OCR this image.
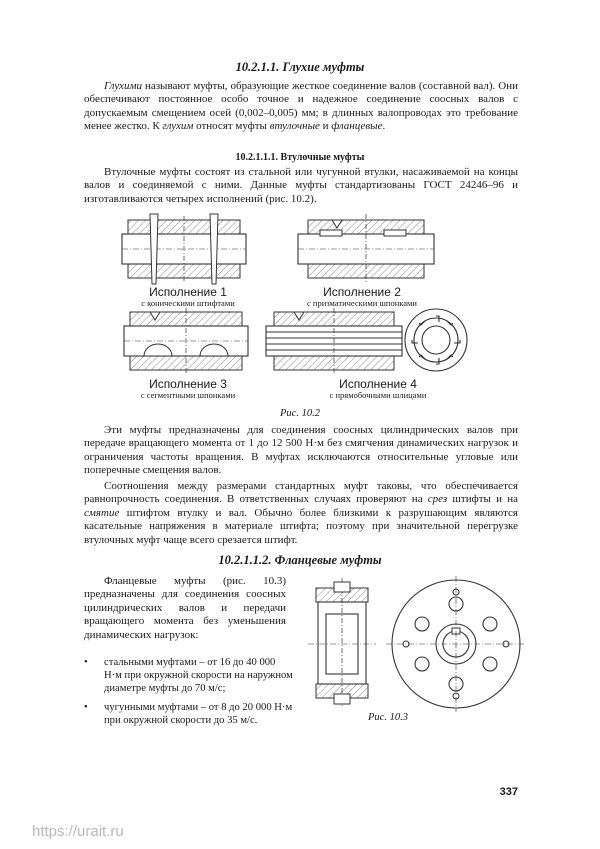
10.2.1.1. Глухие муфты

Глухими называют муфты, образующие жесткое соединение валов (составной вал). Они обеспечивают постоянное особо точное и надежное соединение соосных валов с допускаемым смещением осей (0,002–0,005) мм; в длинных валопроводах это требование менее жестко. К глухим относят муфты втулочные и фланцевые.

10.2.1.1.1. Втулочные муфты

Втулочные муфты состоят из стальной или чугунной втулки, насаживаемой на концы валов и соединяемой с ними. Данные муфты стандартизованы ГОСТ 24246–96 и изготавливаются четырех исполнений (рис. 10.2).

Исполнение 1
с коническими штифтами
Исполнение 2
с призматическими шпонками
Исполнение 3
с сегментными шпонками
Исполнение 4
с прямобочными шлицами
Рис. 10.2

Эти муфты предназначены для соединения соосных цилиндрических валов при передаче вращающего момента от 1 до 12 500 Н·м без смягчения динамических нагрузок и ограничения частоты вращения. В муфтах исключаются относительные угловые или поперечные смещения валов.

Соотношения между размерами стандартных муфт таковы, что обеспечивается равнопрочность соединения. В ответственных случаях проверяют на срез штифты и на смятие штифтом втулку и вал. Обычно более близкими к разрушающим являются касательные напряжения в материале штифта; поэтому при значительной перегрузке втулочных муфт чаще всего срезается штифт.

10.2.1.1.2. Фланцевые муфты

Фланцевые муфты (рис. 10.3) предназначены для соединения соосных цилиндрических валов и передачи вращающего момента без уменьшения динамических нагрузок:

• стальными муфтами – от 16 до 40 000 Н·м при окружной скорости на наружном диаметре муфты до 70 м/с;
• чугунными муфтами – от 8 до 20 000 Н·м при окружной скорости до 35 м/с.	Рис. 10.3
337
https://urait.ru
